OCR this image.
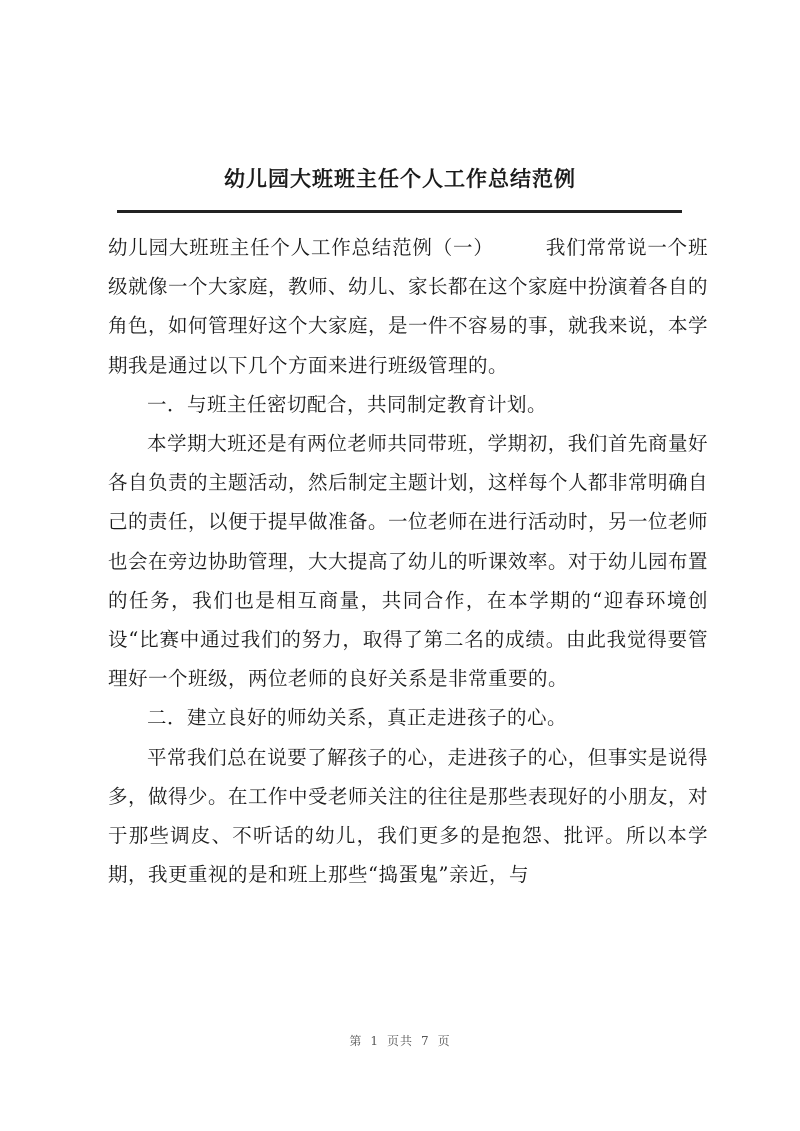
幼儿园大班班主任个人工作总结范例

幼儿园大班班主任个人工作总结范例（一）	我们常常说一个班级就像一个大家庭，教师、幼儿、家长都在这个家庭中扮演着各自的角色，如何管理好这个大家庭，是一件不容易的事，就我来说，本学期我是通过以下几个方面来进行班级管理的。

一．与班主任密切配合，共同制定教育计划。

本学期大班还是有两位老师共同带班，学期初，我们首先商量好各自负责的主题活动，然后制定主题计划，这样每个人都非常明确自己的责任，以便于提早做准备。一位老师在进行活动时，另一位老师也会在旁边协助管理，大大提高了幼儿的听课效率。对于幼儿园布置的任务，我们也是相互商量，共同合作，在本学期的“迎春环境创设“比赛中通过我们的努力，取得了第二名的成绩。由此我觉得要管理好一个班级，两位老师的良好关系是非常重要的。

二．建立良好的师幼关系，真正走进孩子的心。

平常我们总在说要了解孩子的心，走进孩子的心，但事实是说得多，做得少。在工作中受老师关注的往往是那些表现好的小朋友，对于那些调皮、不听话的幼儿，我们更多的是抱怨、批评。所以本学期，我更重视的是和班上那些“捣蛋鬼”亲近，与

第 1 页共 7 页
